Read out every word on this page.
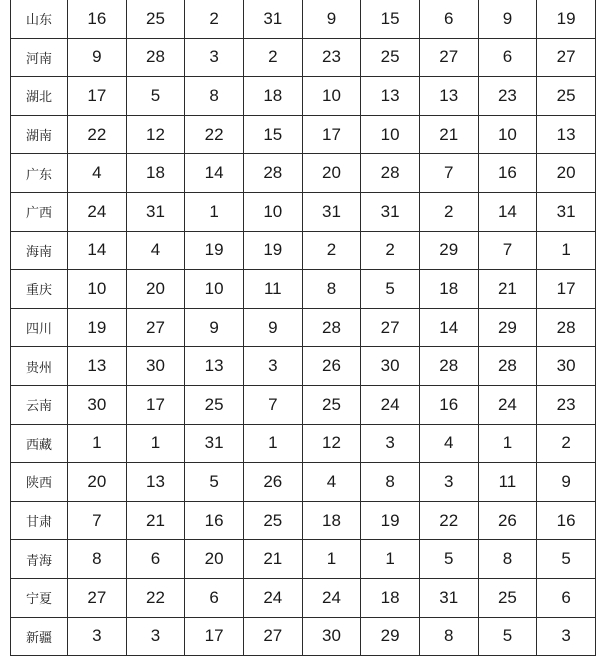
山东	16	25	2	31	9	15	6	9	19
河南	9	28	3	2	23	25	27	6	27
湖北	17	5	8	18	10	13	13	23	25
湖南	22	12	22	15	17	10	21	10	13
广东	4	18	14	28	20	28	7	16	20
广西	24	31	1	10	31	31	2	14	31
海南	14	4	19	19	2	2	29	7	1
重庆	10	20	10	11	8	5	18	21	17
四川	19	27	9	9	28	27	14	29	28
贵州	13	30	13	3	26	30	28	28	30
云南	30	17	25	7	25	24	16	24	23
西藏	1	1	31	1	12	3	4	1	2
陕西	20	13	5	26	4	8	3	11	9
甘肃	7	21	16	25	18	19	22	26	16
青海	8	6	20	21	1	1	5	8	5
宁夏	27	22	6	24	24	18	31	25	6
新疆	3	3	17	27	30	29	8	5	3
